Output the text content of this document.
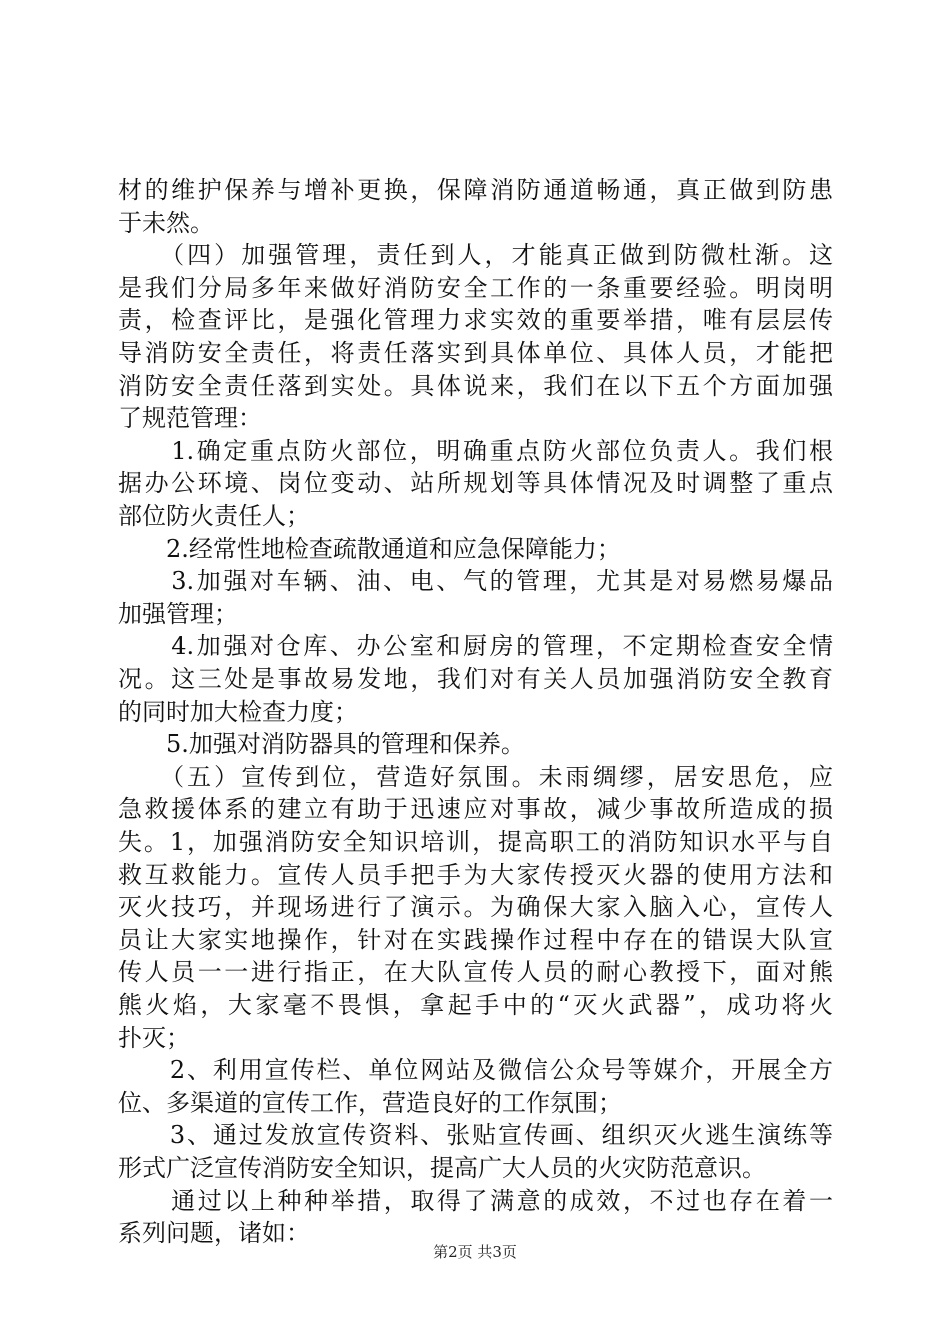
材的维护保养与增补更换，保障消防通道畅通，真正做到防患
于未然。
　　（四）加强管理，责任到人，才能真正做到防微杜渐。这
是我们分局多年来做好消防安全工作的一条重要经验。明岗明
责，检查评比，是强化管理力求实效的重要举措，唯有层层传
导消防安全责任，将责任落实到具体单位、具体人员，才能把
消防安全责任落到实处。具体说来，我们在以下五个方面加强
了规范管理：
　　1.确定重点防火部位，明确重点防火部位负责人。我们根
据办公环境、岗位变动、站所规划等具体情况及时调整了重点
部位防火责任人；
　　2.经常性地检查疏散通道和应急保障能力；
　　3.加强对车辆、油、电、气的管理，尤其是对易燃易爆品
加强管理；
　　4.加强对仓库、办公室和厨房的管理，不定期检查安全情
况。这三处是事故易发地，我们对有关人员加强消防安全教育
的同时加大检查力度；
　　5.加强对消防器具的管理和保养。
　　（五）宣传到位，营造好氛围。未雨绸缪，居安思危，应
急救援体系的建立有助于迅速应对事故，减少事故所造成的损
失。1，加强消防安全知识培训，提高职工的消防知识水平与自
救互救能力。宣传人员手把手为大家传授灭火器的使用方法和
灭火技巧，并现场进行了演示。为确保大家入脑入心，宣传人
员让大家实地操作，针对在实践操作过程中存在的错误大队宣
传人员一一进行指正，在大队宣传人员的耐心教授下，面对熊
熊火焰，大家毫不畏惧，拿起手中的“灭火武器”，成功将火
扑灭；
　　2、利用宣传栏、单位网站及微信公众号等媒介，开展全方
位、多渠道的宣传工作，营造良好的工作氛围；
　　3、通过发放宣传资料、张贴宣传画、组织灭火逃生演练等
形式广泛宣传消防安全知识，提高广大人员的火灾防范意识。
　　通过以上种种举措，取得了满意的成效，不过也存在着一
系列问题，诸如：
第2页 共3页
